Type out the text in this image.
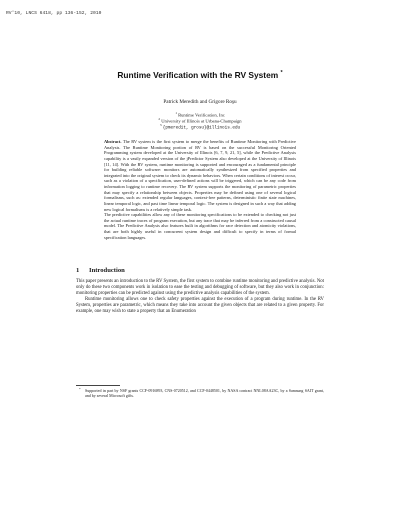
RV'10, LNCS 6418, pp 136-152, 2010
Runtime Verification with the RV System *
Patrick Meredith and Grigore Roşu
$^1$ Runtime Verification, Inc
$^2$ University of Illinois at Urbana-Champaign
$^3$ {pmeredit, grosu}@illinois.edu

Abstract. The RV system is the first system to merge the benefits of Runtime Monitoring with Predictive Analysis. The Runtime Monitoring portion of RV is based on the successful Monitoring Oriented Programming system developed at the University of Illinois [6, 7, 9, 21, 5], while the Predictive Analysis capability is a vastly expanded version of the jPredictor System also developed at the University of Illinois [11, 14]. With the RV system, runtime monitoring is supported and encouraged as a fundamental principle for building reliable software: monitors are automatically synthesized from specified properties and integrated into the original system to check its dynamic behaviors. When certain conditions of interest occur, such as a violation of a specification, user-defined actions will be triggered, which can be any code from information logging to runtime recovery. The RV system supports the monitoring of parametric properties that may specify a relationship between objects. Properties may be defined using one of several logical formalisms, such as: extended regular languages, context-free patterns, deterministic finite state machines, linear temporal logic, and past time linear temporal logic. The system is designed in such a way that adding new logical formalisms is a relatively simple task.

The predictive capabilities allow any of these monitoring specifications to be extended to checking not just the actual runtime traces of program execution, but any trace that may be inferred from a constructed causal model. The Predictive Analysis also features built in algorithms for race detection and atomicity violations, that are both highly useful in concurrent system design and difficult to specify in terms of formal specification languages.

1 Introduction

This paper presents an introduction to the RV System, the first system to combine runtime monitoring and predictive analysis. Not only do these two components work in isolation to ease the testing and debugging of software, but they also work in conjunction: monitoring properties can be predicted against using the predictive analysis capabilities of the system.

Runtime monitoring allows one to check safety properties against the execution of a program during runtime. In the RV System, properties are parametric, which means they take into account the given objects that are related to a given property. For example, one may wish to state a property that an Enumeration

* Supported in part by NSF grants CCF-0916893, CNS-0720512, and CCF-0448501, by NASA contract NNL08AA23C, by a Samsung SAIT grant, and by several Microsoft gifts.
